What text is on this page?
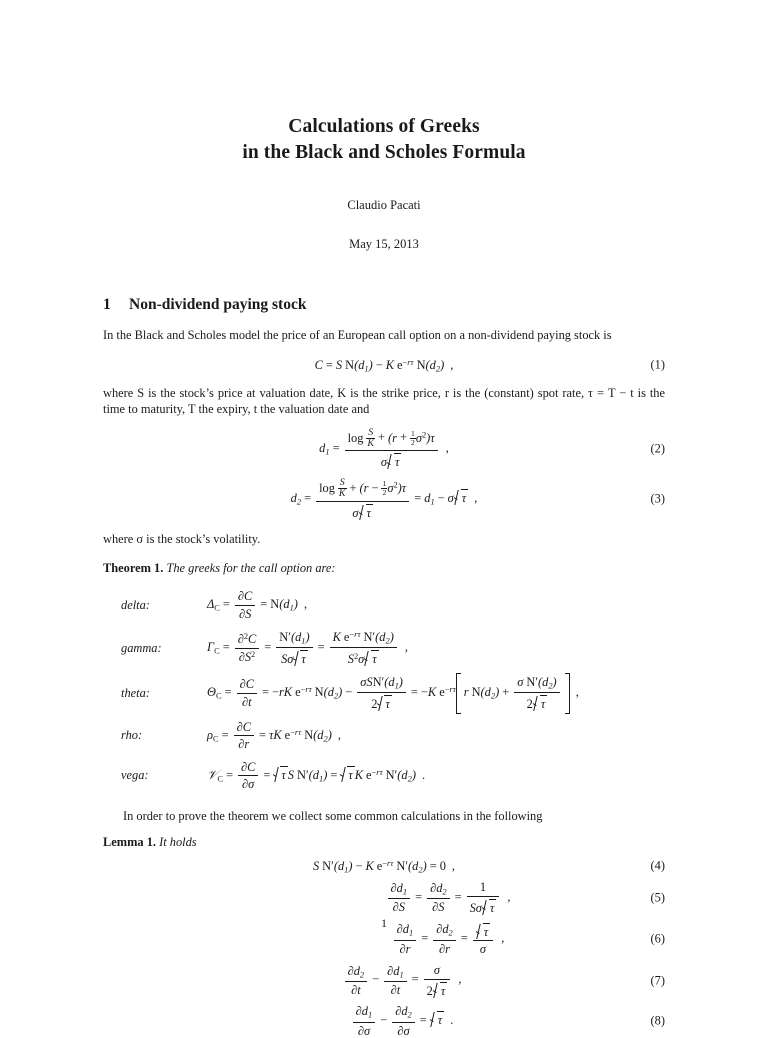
Calculations of Greeks
in the Black and Scholes Formula
Claudio Pacati
May 15, 2013
1 Non-dividend paying stock

In the Black and Scholes model the price of an European call option on a non-dividend paying stock is

C = S $N(d_1) - K$ $e^{-r\tau}$ $N(d_2)$ ,	(1)

where S is the stock’s price at valuation date, K is the strike price, r is the (constant) spot rate, τ = T − t is the time to maturity, T the expiry, t the valuation date and

$d_1 = \frac{\log \frac{S}{K} + (r + \frac{1}{2} \sigma^2)\tau}{\text{σ τ}}$ ,	(2)
$d_2 = \frac{\log \frac{S}{K} + (r - \frac{1}{2} \sigma^2)\tau}{\text{σ τ}} = d_1 - \sigma$ τ ,	(3)

where σ is the stock’s volatility.

Theorem 1. The greeks for the call option are:

delta:	$\Delta_C = \frac{\partial C}{\partial S} = N(d_1)$ ,
gamma:	$\Gamma_C = \frac{\partial^2C}{\partial S^2} = \frac{N'(d_1)}{\text{Sσ τ}} = \frac{K e^{-r\tau} N'(d_2)}{S^2\sigma \tau}$ ,
theta:	$\Theta_C = \frac{\partial C}{\partial t} = -rK$ $e^{-r\tau}$ $N(d_2) - \frac{\sigma SN'(d_1)}{2 \tau} = -K$ $e^{-r\tau}$ r $N(d_2) + \frac{\sigma N'(d_2)}{2 \tau}$ ,
rho:	$\rho_C = \frac{\partial C}{\partial r} = \tau K$ $e^{-r\tau}$ $N(d_2)$ ,
vega:	𝒱$_C$ = $\frac{\partial C}{\partial\sigma} = \tau$ S $N'(d_1) = \tau$ K $e^{-r\tau}$ $N'(d_2)$ .

In order to prove the theorem we collect some common calculations in the following

Lemma 1. It holds

S $N'(d_1) - K$ $e^{-r\tau}$ $N'(d_2) = 0$ ,	(4)
$\frac{\partial d_1}{\partial S} = \frac{\partial d_2}{\partial S} = \frac{1}{\text{Sσ τ}}$ ,	(5)
$\frac{\partial d_1}{\partial r} = \frac{\partial d_2}{\partial r} = \frac{\tau}{\sigma}$ ,	(6)
$\frac{\partial d_2}{\partial t} - \frac{\partial d_1}{\partial t} = \frac{\sigma}{2 \tau}$ ,	(7)
$\frac{\partial d_1}{\partial\sigma} - \frac{\partial d_2}{\partial\sigma} = \tau$ .	(8)
1
